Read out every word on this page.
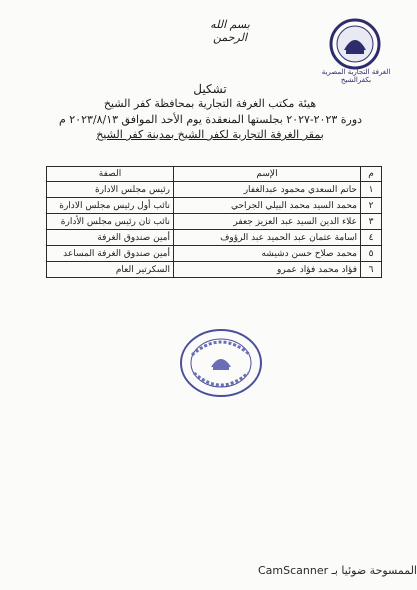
بسم الله الرحمن
الغرفة التجارية المصرية
بكفرالشيخ
تشكيل
هيئة مكتب الغرفة التجارية بمحافظة كفر الشيخ
دورة ٢٠٢٣-٢٠٢٧ بجلستها المنعقدة يوم الأحد الموافق ٢٠٢٣/٨/١٣ م
بمقر الغرفة التجارية لكفر الشيخ بمدينة كفر الشيخ
م	الإسم	الصفة
١	حاتم السعدي محمود عبدالغفار	رئيس مجلس الادارة
٢	محمد السيد محمد البيلي الجراحي	نائب أول رئيس مجلس الادارة
٣	علاء الدين السيد عبد العزيز جعفر	نائب ثان رئيس مجلس الأدارة
٤	اسامة عثمان عبد الحميد عبد الرؤوف	أمين صندوق الغرفة
٥	محمد صلاح حسن دشيشه	أمين صندوق الغرفة المساعد
٦	فؤاد محمد فؤاد عمرو	السكرتير العام
الممسوحة ضوئيا بـ CamScanner
